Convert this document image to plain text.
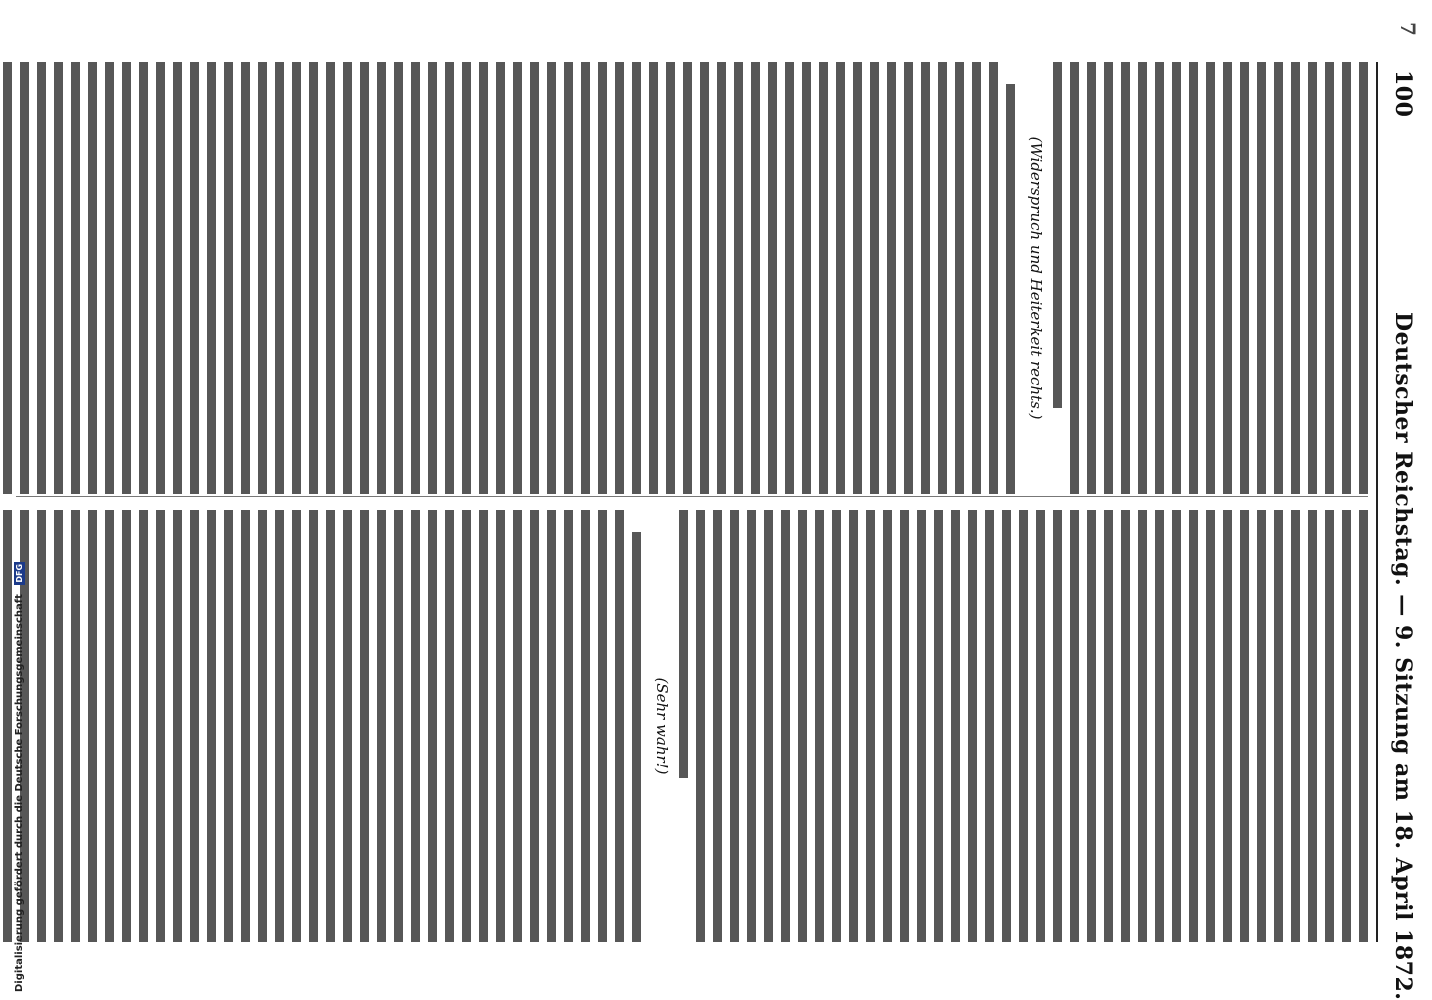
7
100
Deutscher Reichstag. — 9. Sitzung am 18. April 1872.
(Widerspruch und Heiterkeit rechts.)
(Sehr wahr!)
Digitalisierung gefördert durch die Deutsche Forschungsgemeinschaft DFG
